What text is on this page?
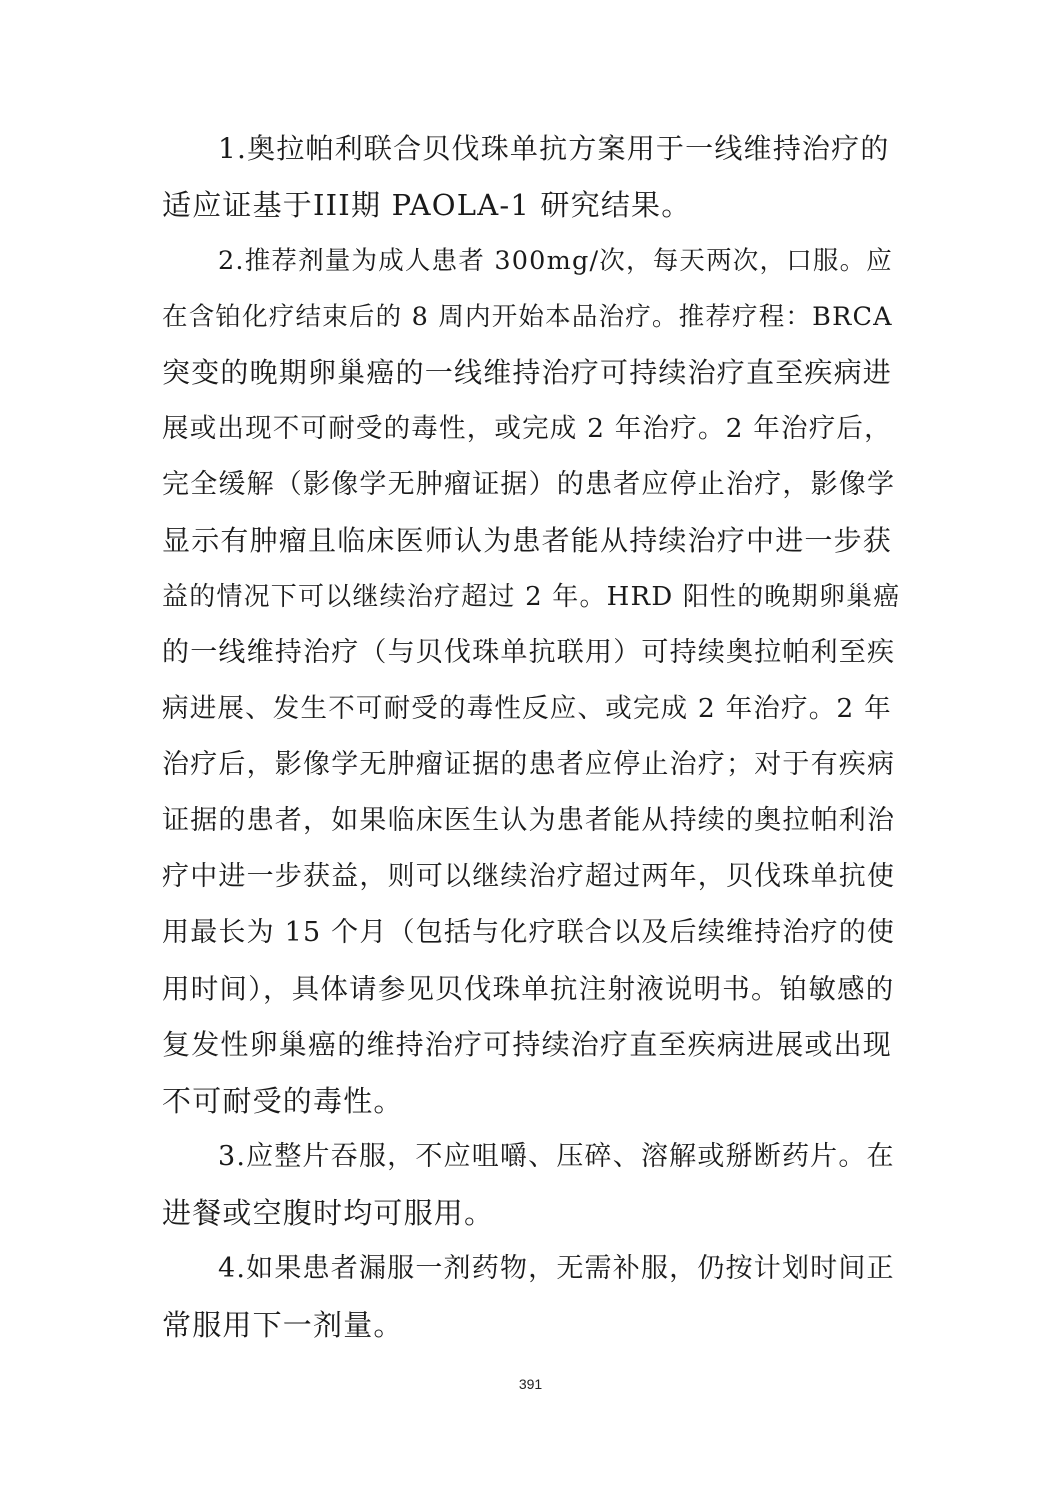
1.奥拉帕利联合贝伐珠单抗方案用于一线维持治疗的
适应证基于III期 PAOLA-1 研究结果。
2.推荐剂量为成人患者 300mg/次，每天两次，口服。应
在含铂化疗结束后的 8 周内开始本品治疗。推荐疗程：BRCA
突变的晚期卵巢癌的一线维持治疗可持续治疗直至疾病进
展或出现不可耐受的毒性，或完成 2 年治疗。2 年治疗后，
完全缓解（影像学无肿瘤证据）的患者应停止治疗，影像学
显示有肿瘤且临床医师认为患者能从持续治疗中进一步获
益的情况下可以继续治疗超过 2 年。HRD 阳性的晚期卵巢癌
的一线维持治疗（与贝伐珠单抗联用）可持续奥拉帕利至疾
病进展、发生不可耐受的毒性反应、或完成 2 年治疗。2 年
治疗后，影像学无肿瘤证据的患者应停止治疗；对于有疾病
证据的患者，如果临床医生认为患者能从持续的奥拉帕利治
疗中进一步获益，则可以继续治疗超过两年，贝伐珠单抗使
用最长为 15 个月（包括与化疗联合以及后续维持治疗的使
用时间），具体请参见贝伐珠单抗注射液说明书。铂敏感的
复发性卵巢癌的维持治疗可持续治疗直至疾病进展或出现
不可耐受的毒性。
3.应整片吞服，不应咀嚼、压碎、溶解或掰断药片。在
进餐或空腹时均可服用。
4.如果患者漏服一剂药物，无需补服，仍按计划时间正
常服用下一剂量。
391
